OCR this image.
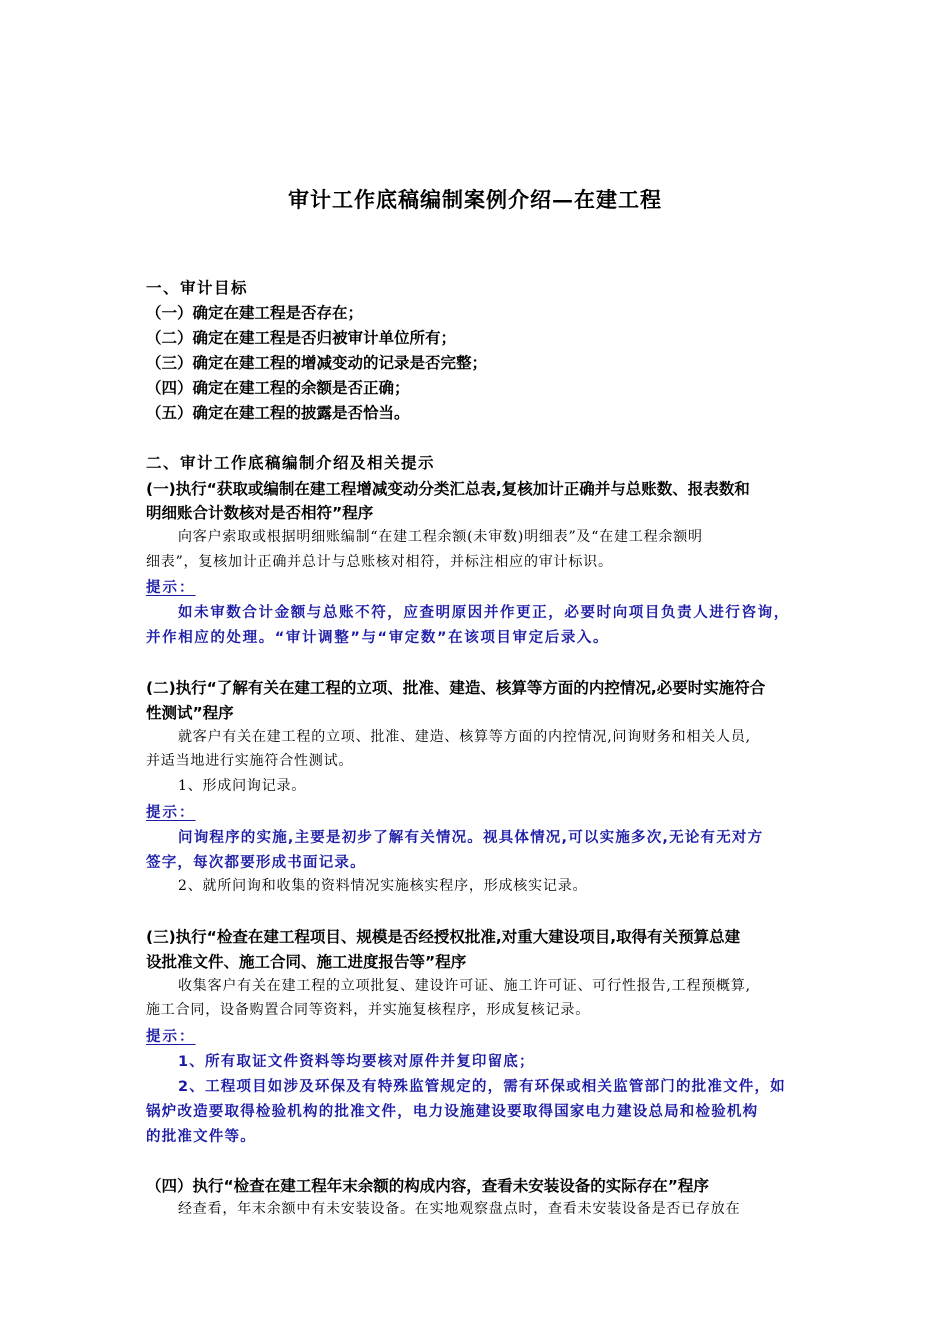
审计工作底稿编制案例介绍—在建工程
一、审计目标
（一）确定在建工程是否存在；
（二）确定在建工程是否归被审计单位所有；
（三）确定在建工程的增减变动的记录是否完整；
（四）确定在建工程的余额是否正确；
（五）确定在建工程的披露是否恰当。
二、审计工作底稿编制介绍及相关提示
(一)执行“获取或编制在建工程增减变动分类汇总表,复核加计正确并与总账数、报表数和
明细账合计数核对是否相符”程序
向客户索取或根据明细账编制“在建工程余额(未审数)明细表”及“在建工程余额明
细表”，复核加计正确并总计与总账核对相符，并标注相应的审计标识。
提示：
如未审数合计金额与总账不符，应查明原因并作更正，必要时向项目负责人进行咨询，
并作相应的处理。“审计调整”与“审定数”在该项目审定后录入。
(二)执行“了解有关在建工程的立项、批准、建造、核算等方面的内控情况,必要时实施符合
性测试”程序
就客户有关在建工程的立项、批准、建造、核算等方面的内控情况,问询财务和相关人员,
并适当地进行实施符合性测试。
1、形成问询记录。
提示：
问询程序的实施,主要是初步了解有关情况。视具体情况,可以实施多次,无论有无对方
签字，每次都要形成书面记录。
2、就所问询和收集的资料情况实施核实程序，形成核实记录。
(三)执行“检查在建工程项目、规模是否经授权批准,对重大建设项目,取得有关预算总建
设批准文件、施工合同、施工进度报告等”程序
收集客户有关在建工程的立项批复、建设许可证、施工许可证、可行性报告,工程预概算,
施工合同，设备购置合同等资料，并实施复核程序，形成复核记录。
提示：
1、所有取证文件资料等均要核对原件并复印留底；
2、工程项目如涉及环保及有特殊监管规定的，需有环保或相关监管部门的批准文件，如
锅炉改造要取得检验机构的批准文件，电力设施建设要取得国家电力建设总局和检验机构
的批准文件等。
（四）执行“检查在建工程年末余额的构成内容，查看未安装设备的实际存在”程序
经查看，年末余额中有未安装设备。在实地观察盘点时，查看未安装设备是否已存放在
